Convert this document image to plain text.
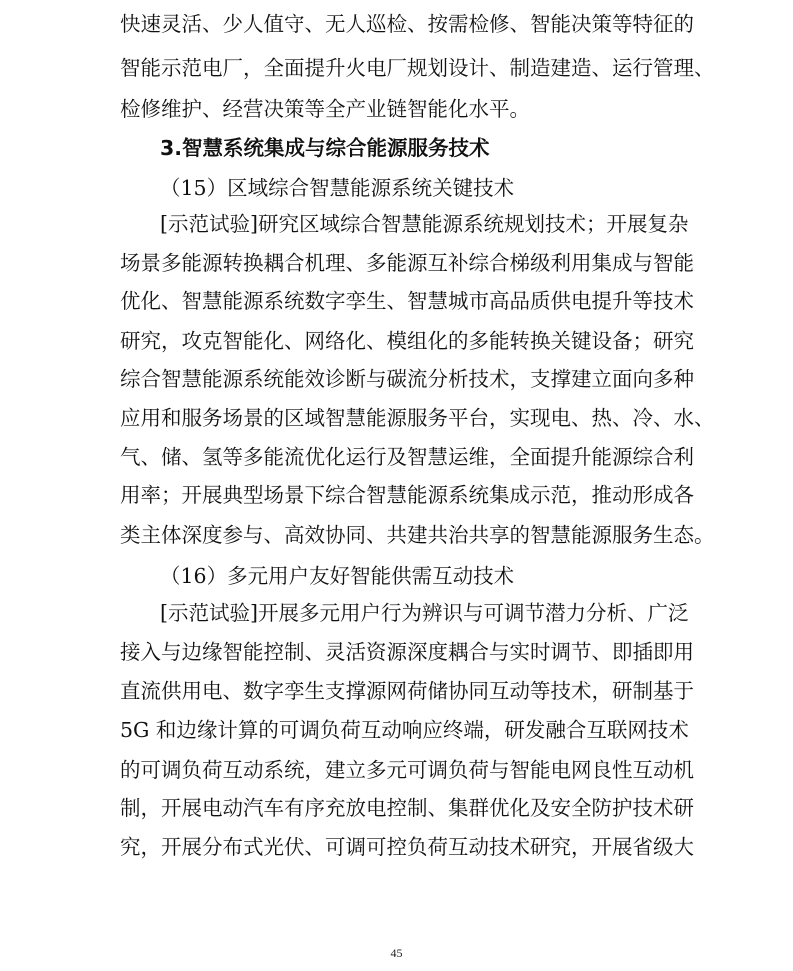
快速灵活、少人值守、无人巡检、按需检修、智能决策等特征的
智能示范电厂，全面提升火电厂规划设计、制造建造、运行管理、
检修维护、经营决策等全产业链智能化水平。
3.智慧系统集成与综合能源服务技术
（15）区域综合智慧能源系统关键技术
[示范试验]研究区域综合智慧能源系统规划技术；开展复杂
场景多能源转换耦合机理、多能源互补综合梯级利用集成与智能
优化、智慧能源系统数字孪生、智慧城市高品质供电提升等技术
研究，攻克智能化、网络化、模组化的多能转换关键设备；研究
综合智慧能源系统能效诊断与碳流分析技术，支撑建立面向多种
应用和服务场景的区域智慧能源服务平台，实现电、热、冷、水、
气、储、氢等多能流优化运行及智慧运维，全面提升能源综合利
用率；开展典型场景下综合智慧能源系统集成示范，推动形成各
类主体深度参与、高效协同、共建共治共享的智慧能源服务生态。
（16）多元用户友好智能供需互动技术
[示范试验]开展多元用户行为辨识与可调节潜力分析、广泛
接入与边缘智能控制、灵活资源深度耦合与实时调节、即插即用
直流供用电、数字孪生支撑源网荷储协同互动等技术，研制基于
5G 和边缘计算的可调负荷互动响应终端，研发融合互联网技术
的可调负荷互动系统，建立多元可调负荷与智能电网良性互动机
制，开展电动汽车有序充放电控制、集群优化及安全防护技术研
究，开展分布式光伏、可调可控负荷互动技术研究，开展省级大
45
